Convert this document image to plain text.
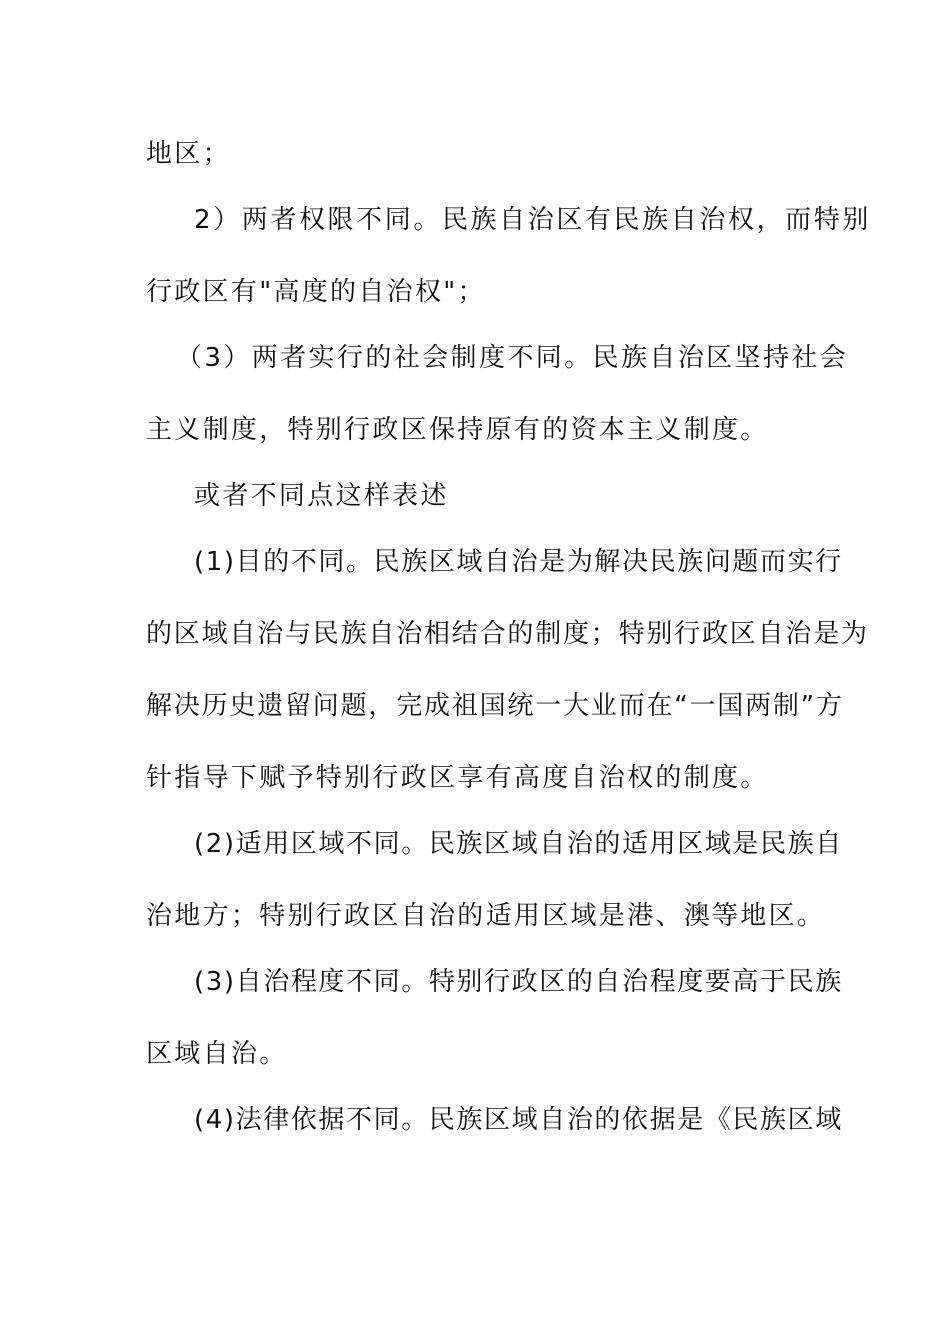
地区；
2）两者权限不同。民族自治区有民族自治权，而特别
行政区有"高度的自治权"；
（3）两者实行的社会制度不同。民族自治区坚持社会
主义制度，特别行政区保持原有的资本主义制度。
或者不同点这样表述
(1)目的不同。民族区域自治是为解决民族问题而实行
的区域自治与民族自治相结合的制度；特别行政区自治是为
解决历史遗留问题，完成祖国统一大业而在“一国两制”方
针指导下赋予特别行政区享有高度自治权的制度。
(2)适用区域不同。民族区域自治的适用区域是民族自
治地方；特别行政区自治的适用区域是港、澳等地区。
(3)自治程度不同。特别行政区的自治程度要高于民族
区域自治。
(4)法律依据不同。民族区域自治的依据是《民族区域
